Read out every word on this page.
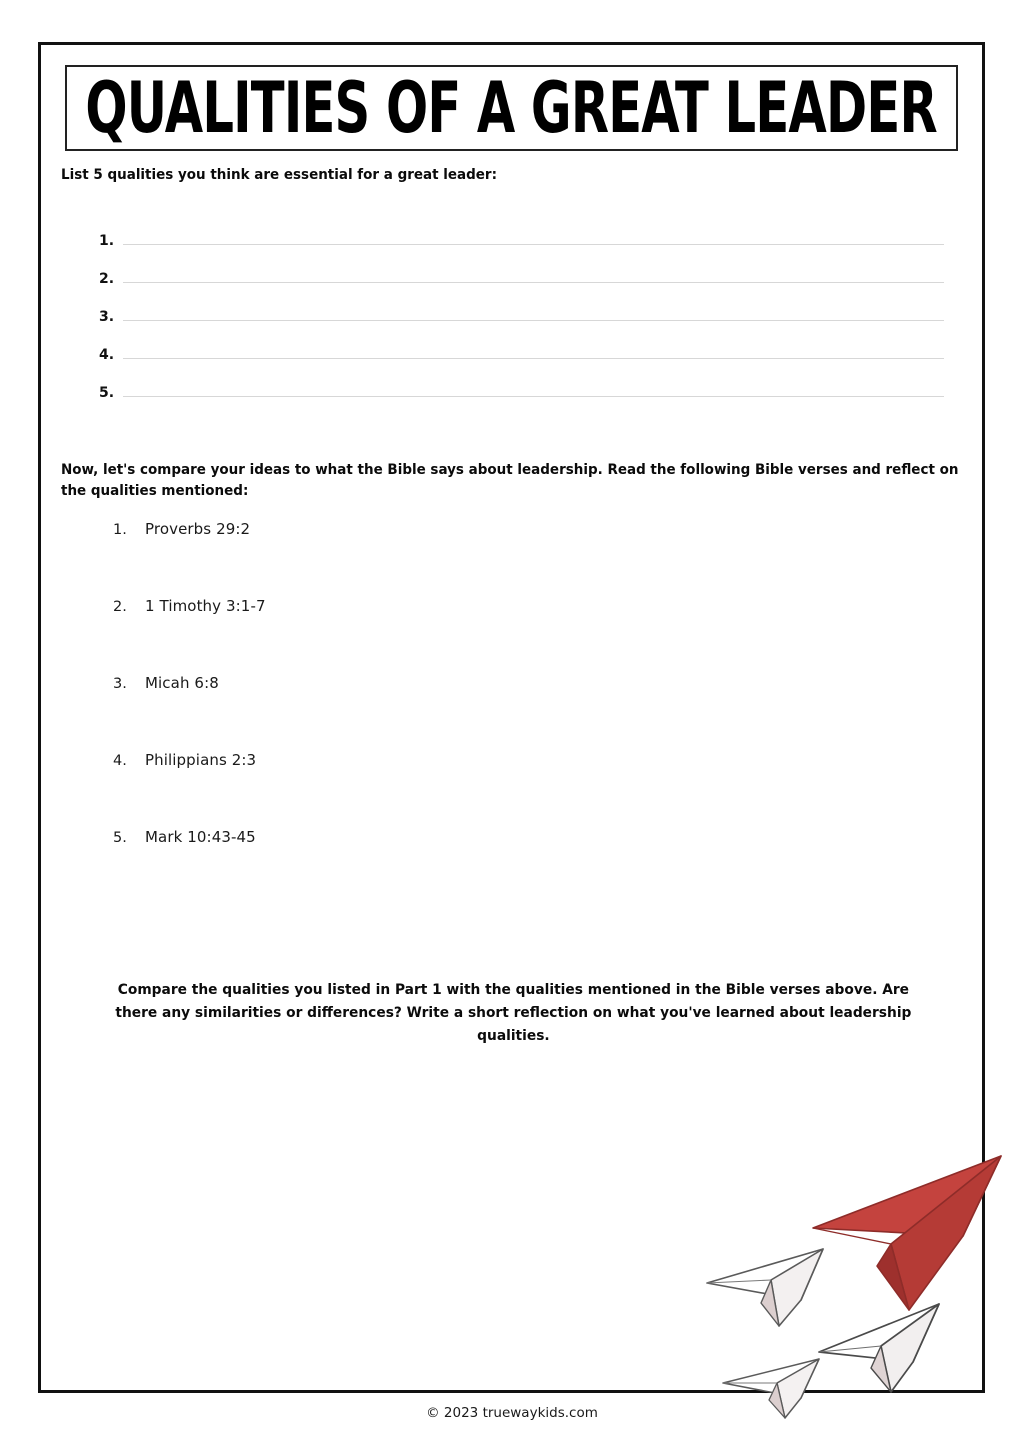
QUALITIES OF A GREAT LEADER
List 5 qualities you think are essential for a great leader:
1.
2.
3.
4.
5.
Now, let's compare your ideas to what the Bible says about leadership. Read the following Bible verses and reflect on the qualities mentioned:
1.	Proverbs 29:2
2.	1 Timothy 3:1-7
3.	Micah 6:8
4.	Philippians 2:3
5.	Mark 10:43-45
Compare the qualities you listed in Part 1 with the qualities mentioned in the Bible verses above. Are there any similarities or differences? Write a short reflection on what you've learned about leadership qualities.
© 2023 truewaykids.com
